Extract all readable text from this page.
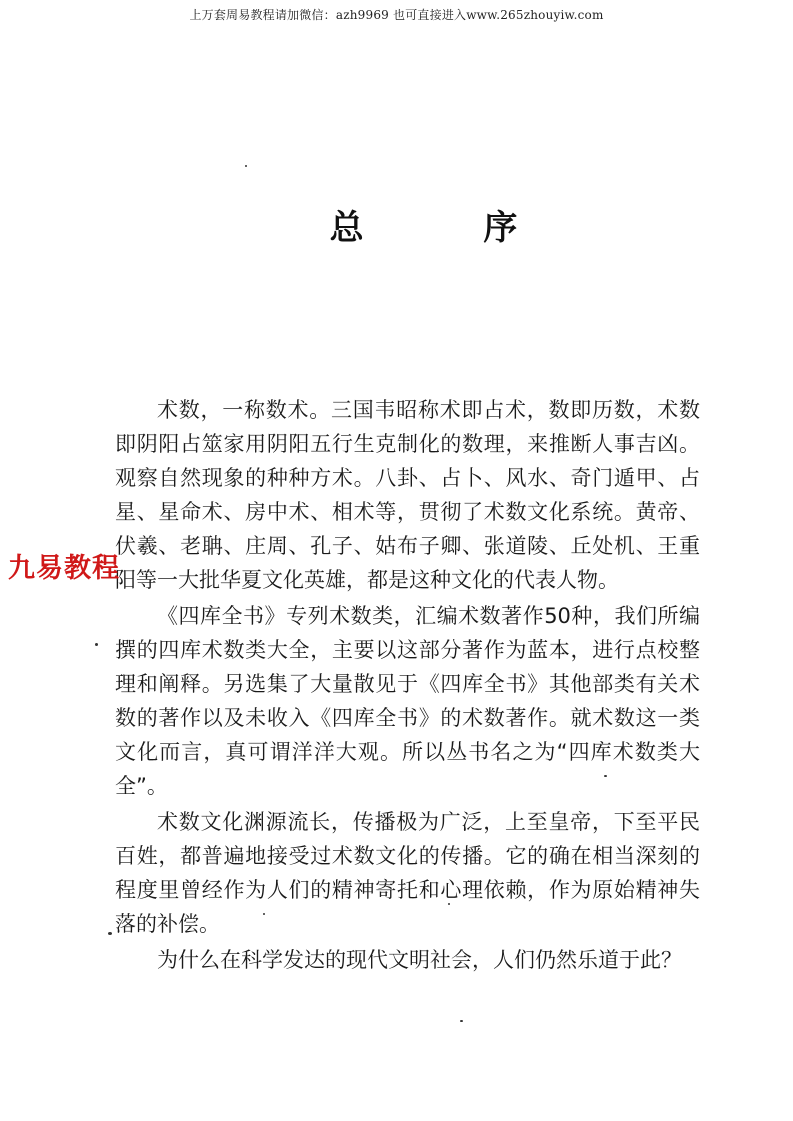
上万套周易教程请加微信：azh9969 也可直接进入www.265zhouyiw.com
总 序

术数，一称数术。三国韦昭称术即占术，数即历数，术数即阴阳占筮家用阴阳五行生克制化的数理，来推断人事吉凶。观察自然现象的种种方术。八卦、占卜、风水、奇门遁甲、占星、星命术、房中术、相术等，贯彻了术数文化系统。黄帝、伏羲、老聃、庄周、孔子、姑布子卿、张道陵、丘处机、王重阳等一大批华夏文化英雄，都是这种文化的代表人物。

《四库全书》专列术数类，汇编术数著作50种，我们所编撰的四库术数类大全，主要以这部分著作为蓝本，进行点校整理和阐释。另选集了大量散见于《四库全书》其他部类有关术数的著作以及未收入《四库全书》的术数著作。就术数这一类文化而言，真可谓洋洋大观。所以丛书名之为“四库术数类大全”。

术数文化渊源流长，传播极为广泛，上至皇帝，下至平民百姓，都普遍地接受过术数文化的传播。它的确在相当深刻的程度里曾经作为人们的精神寄托和心理依赖，作为原始精神失落的补偿。

为什么在科学发达的现代文明社会，人们仍然乐道于此？

九易教程
